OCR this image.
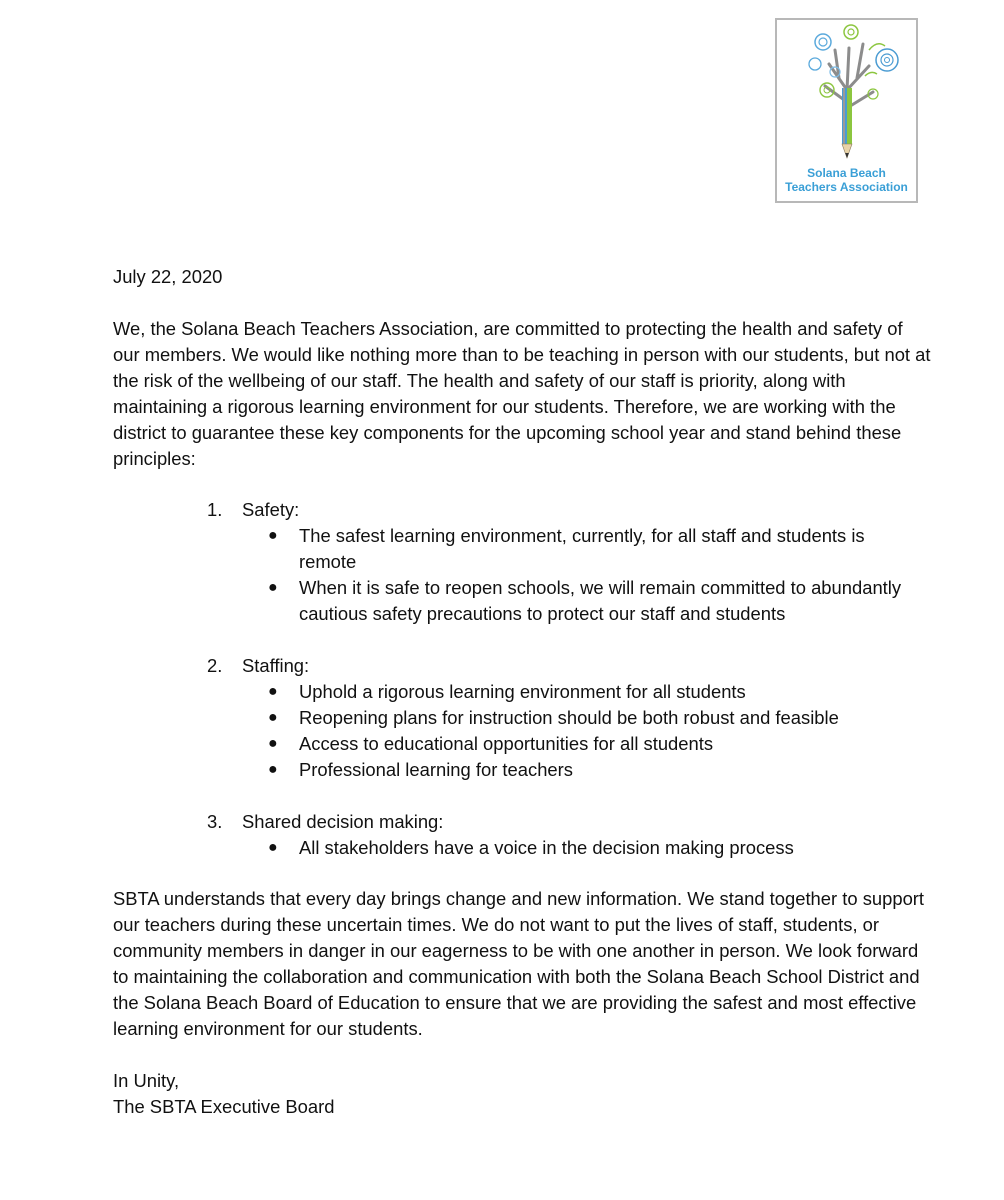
Solana Beach
Teachers Association

July 22, 2020

We, the Solana Beach Teachers Association, are committed to protecting the health and safety of our members. We would like nothing more than to be teaching in person with our students, but not at the risk of the wellbeing of our staff. The health and safety of our staff is priority, along with maintaining a rigorous learning environment for our students. Therefore, we are working with the district to guarantee these key components for the upcoming school year and stand behind these principles:

1. Safety:
● The safest learning environment, currently, for all staff and students is remote
● When it is safe to reopen schools, we will remain committed to abundantly cautious safety precautions to protect our staff and students
2. Staffing:
● Uphold a rigorous learning environment for all students
● Reopening plans for instruction should be both robust and feasible
● Access to educational opportunities for all students
● Professional learning for teachers
3. Shared decision making:
● All stakeholders have a voice in the decision making process

SBTA understands that every day brings change and new information. We stand together to support our teachers during these uncertain times. We do not want to put the lives of staff, students, or community members in danger in our eagerness to be with one another in person. We look forward to maintaining the collaboration and communication with both the Solana Beach School District and the Solana Beach Board of Education to ensure that we are providing the safest and most effective learning environment for our students.

In Unity,
The SBTA Executive Board
